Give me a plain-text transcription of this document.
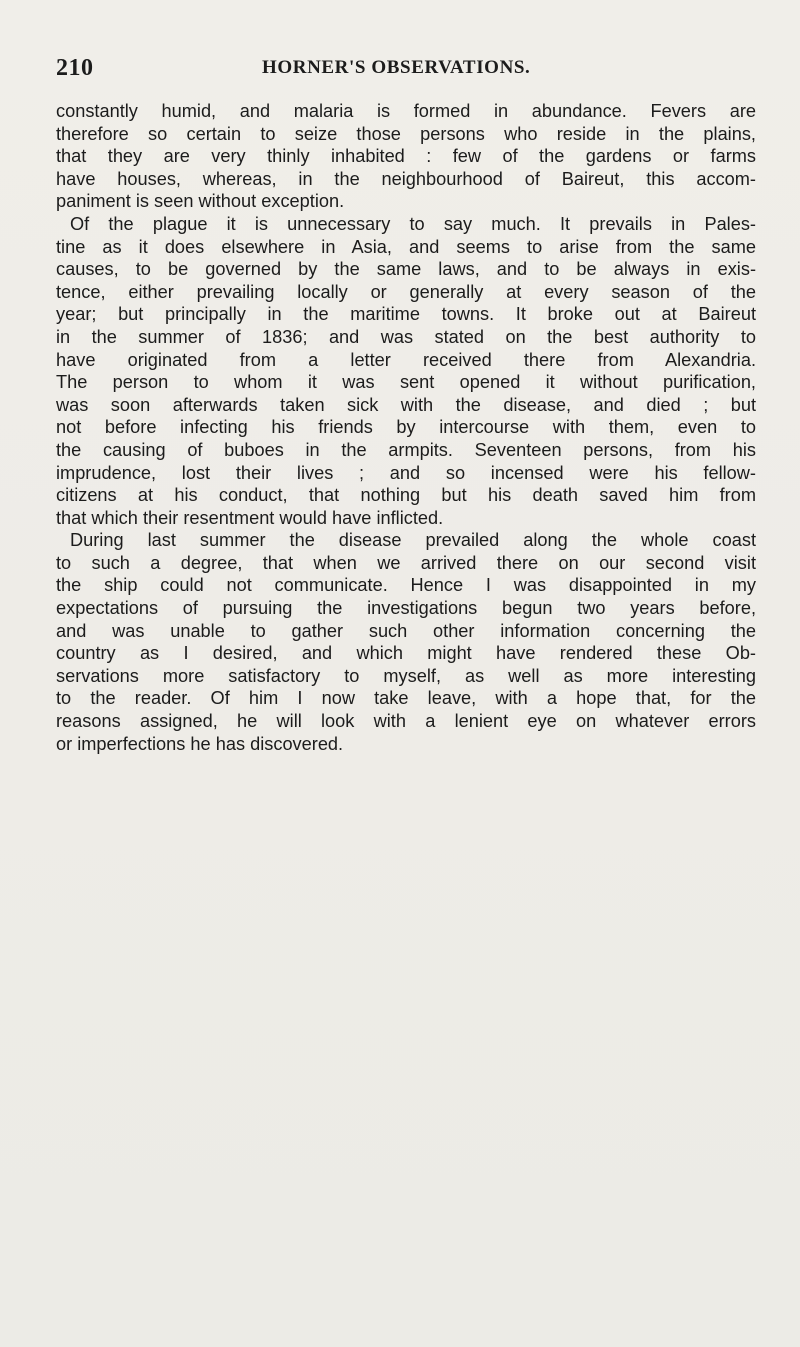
210	HORNER'S OBSERVATIONS.
constantly humid, and malaria is formed in abundance. Fevers are
therefore so certain to seize those persons who reside in the plains,
that they are very thinly inhabited : few of the gardens or farms
have houses, whereas, in the neighbourhood of Baireut, this accom-
paniment is seen without exception.
Of the plague it is unnecessary to say much. It prevails in Pales-
tine as it does elsewhere in Asia, and seems to arise from the same
causes, to be governed by the same laws, and to be always in exis-
tence, either prevailing locally or generally at every season of the
year; but principally in the maritime towns. It broke out at Baireut
in the summer of 1836; and was stated on the best authority to
have originated from a letter received there from Alexandria.
The person to whom it was sent opened it without purification,
was soon afterwards taken sick with the disease, and died ; but
not before infecting his friends by intercourse with them, even to
the causing of buboes in the armpits. Seventeen persons, from his
imprudence, lost their lives ; and so incensed were his fellow-
citizens at his conduct, that nothing but his death saved him from
that which their resentment would have inflicted.
During last summer the disease prevailed along the whole coast
to such a degree, that when we arrived there on our second visit
the ship could not communicate. Hence I was disappointed in my
expectations of pursuing the investigations begun two years before,
and was unable to gather such other information concerning the
country as I desired, and which might have rendered these Ob-
servations more satisfactory to myself, as well as more interesting
to the reader. Of him I now take leave, with a hope that, for the
reasons assigned, he will look with a lenient eye on whatever errors
or imperfections he has discovered.
